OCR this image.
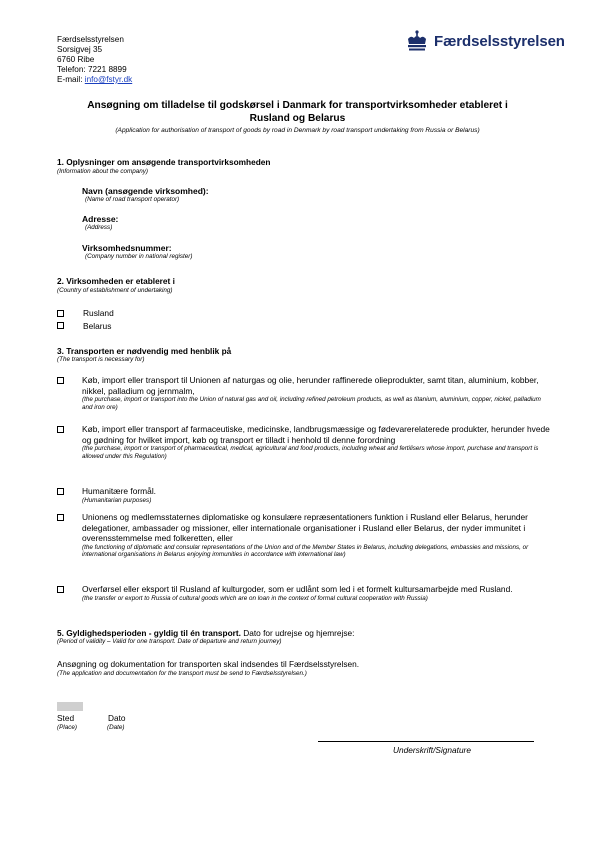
Færdselsstyrelsen
Sorsigvej 35
6760 Ribe
Telefon: 7221 8899
E-mail: info@fstyr.dk
Færdselsstyrelsen
Ansøgning om tilladelse til godskørsel i Danmark for transportvirksomheder etableret i
Rusland og Belarus
(Application for authorisation of transport of goods by road in Denmark by road transport undertaking from Russia or Belarus)
1. Oplysninger om ansøgende transportvirksomheden
(Information about the company)
Navn (ansøgende virksomhed):
(Name of road transport operator)
Adresse:
(Address)
Virksomhedsnummer:
(Company number in national register)
2. Virksomheden er etableret i
(Country of establishment of undertaking)
Rusland
Belarus
3. Transporten er nødvendig med henblik på
(The transport is necessary for)
Køb, import eller transport til Unionen af naturgas og olie, herunder raffinerede olieprodukter, samt titan, aluminium, kobber, nikkel, palladium og jernmalm,
(the purchase, import or transport into the Union of natural gas and oil, including refined petroleum products, as well as titanium, aluminium, copper, nickel, palladium and iron ore)
Køb, import eller transport af farmaceutiske, medicinske, landbrugsmæssige og fødevarerelaterede produkter, herunder hvede og gødning for hvilket import, køb og transport er tilladt i henhold til denne forordning
(the purchase, import or transport of pharmaceutical, medical, agricultural and food products, including wheat and fertilisers whose import, purchase and transport is allowed under this Regulation)
Humanitære formål.
(Humanitarian purposes)
Unionens og medlemsstaternes diplomatiske og konsulære repræsentationers funktion i Rusland eller Belarus, herunder delegationer, ambassader og missioner, eller internationale organisationer i Rusland eller Belarus, der nyder immunitet i overensstemmelse med folkeretten, eller
(the functioning of diplomatic and consular representations of the Union and of the Member States in Belarus, including delegations, embassies and missions, or international organisations in Belarus enjoying immunities in accordance with international law)
Overførsel eller eksport til Rusland af kulturgoder, som er udlånt som led i et formelt kultursamarbejde med Rusland.
(the transfer or export to Russia of cultural goods which are on loan in the context of formal cultural cooperation with Russia)
5. Gyldighedsperioden - gyldig til én transport. Dato for udrejse og hjemrejse:
(Period of validity – Valid for one transport. Date of departure and return journey)
Ansøgning og dokumentation for transporten skal indsendes til Færdselsstyrelsen.
(The application and documentation for the transport must be send to Færdselsstyrelsen.)
Sted	Dato
(Place)	(Date)
Underskrift/Signature
